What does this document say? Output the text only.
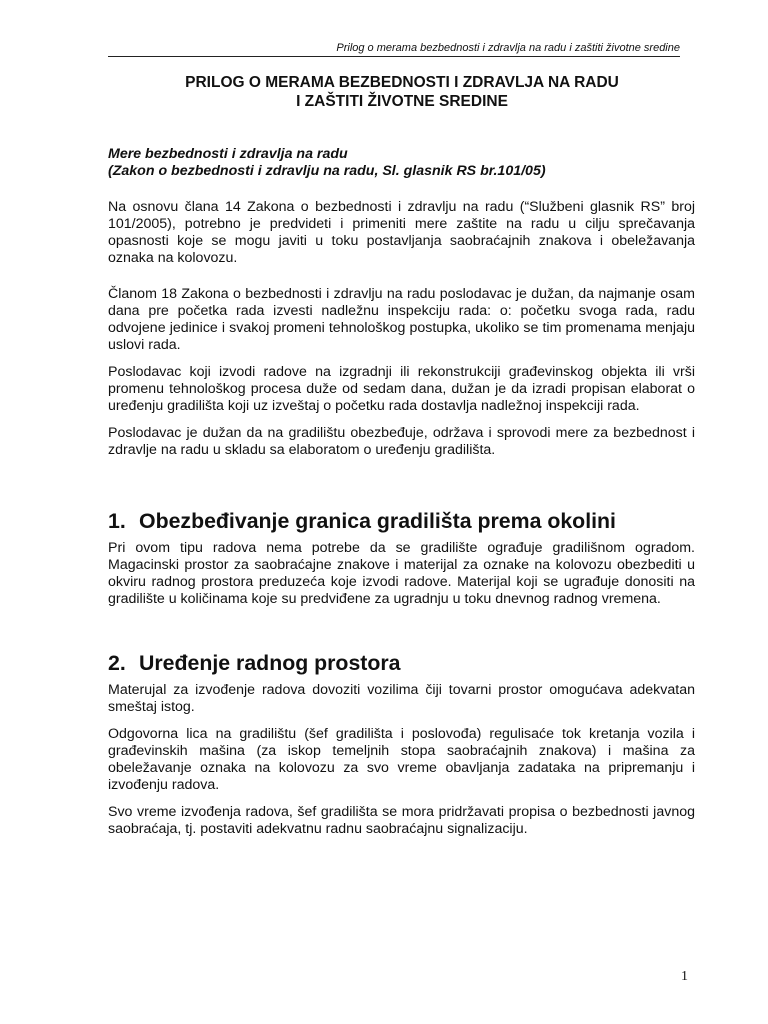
Prilog o merama bezbednosti i zdravlja na radu i zaštiti životne sredine
PRILOG O MERAMA BEZBEDNOSTI I ZDRAVLJA NA RADU
I ZAŠTITI ŽIVOTNE SREDINE

Mere bezbednosti i zdravlja na radu
(Zakon o bezbednosti i zdravlju na radu, Sl. glasnik RS br.101/05)

Na osnovu člana 14 Zakona o bezbednosti i zdravlju na radu (“Službeni glasnik RS” broj 101/2005), potrebno je predvideti i primeniti mere zaštite na radu u cilju sprečavanja opasnosti koje se mogu javiti u toku postavljanja saobraćajnih znakova i obeležavanja oznaka na kolovozu.

Članom 18 Zakona o bezbednosti i zdravlju na radu poslodavac je dužan, da najmanje osam dana pre početka rada izvesti nadležnu inspekciju rada: o: početku svoga rada, radu odvojene jedinice i svakoj promeni tehnološkog postupka, ukoliko se tim promenama menjaju uslovi rada.

Poslodavac koji izvodi radove na izgradnji ili rekonstrukciji građevinskog objekta ili vrši promenu tehnološkog procesa duže od sedam dana, dužan je da izradi propisan elaborat o uređenju gradilišta koji uz izveštaj o početku rada dostavlja nadležnoj inspekciji rada.

Poslodavac je dužan da na gradilištu obezbeđuje, održava i sprovodi mere za bezbednost i zdravlje na radu u skladu sa elaboratom o uređenju gradilišta.

1. Obezbeđivanje granica gradilišta prema okolini

Pri ovom tipu radova nema potrebe da se gradilište ograđuje gradilišnom ogradom. Magacinski prostor za saobraćajne znakove i materijal za oznake na kolovozu obezbediti u okviru radnog prostora preduzeća koje izvodi radove. Materijal koji se ugrađuje donositi na gradilište u količinama koje su predviđene za ugradnju u toku dnevnog radnog vremena.

2. Uređenje radnog prostora

Materujal za izvođenje radova dovoziti vozilima čiji tovarni prostor omogućava adekvatan smeštaj istog.

Odgovorna lica na gradilištu (šef gradilišta i poslovođa) regulisaće tok kretanja vozila i građevinskih mašina (za iskop temeljnih stopa saobraćajnih znakova) i mašina za obeležavanje oznaka na kolovozu za svo vreme obavljanja zadataka na pripremanju i izvođenju radova.

Svo vreme izvođenja radova, šef gradilišta se mora pridržavati propisa o bezbednosti javnog saobraćaja, tj. postaviti adekvatnu radnu saobraćajnu signalizaciju.

1
